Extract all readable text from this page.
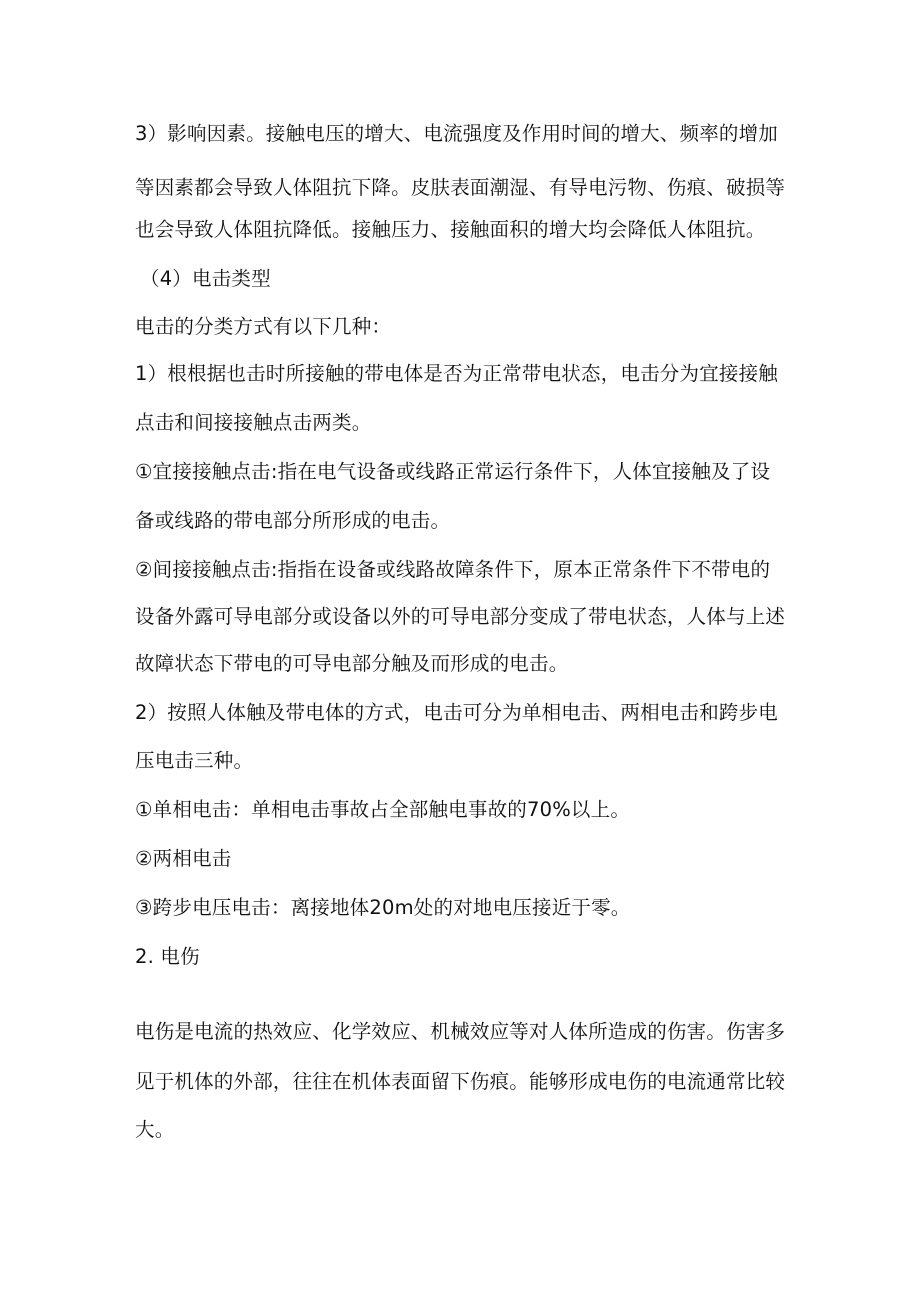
3）影响因素。接触电压的增大、电流强度及作用时间的增大、频率的增加
等因素都会导致人体阻抗下降。皮肤表面潮湿、有导电污物、伤痕、破损等
也会导致人体阻抗降低。接触压力、接触面积的增大均会降低人体阻抗。
（4）电击类型
电击的分类方式有以下几种：
1）根根据也击时所接触的带电体是否为正常带电状态，电击分为宜接接触
点击和间接接触点击两类。
①宜接接触点击:指在电气设备或线路正常运行条件下，人体宜接触及了设
备或线路的带电部分所形成的电击。
②间接接触点击:指指在设备或线路故障条件下，原本正常条件下不带电的
设备外露可导电部分或设备以外的可导电部分变成了带电状态，人体与上述
故障状态下带电的可导电部分触及而形成的电击。
2）按照人体触及带电体的方式，电击可分为单相电击、两相电击和跨步电
压电击三种。
①单相电击：单相电击事故占全部触电事故的70%以上。
②两相电击
③跨步电压电击：离接地体20m处的对地电压接近于零。
2. 电伤
电伤是电流的热效应、化学效应、机械效应等对人体所造成的伤害。伤害多
见于机体的外部，往往在机体表面留下伤痕。能够形成电伤的电流通常比较
大。
